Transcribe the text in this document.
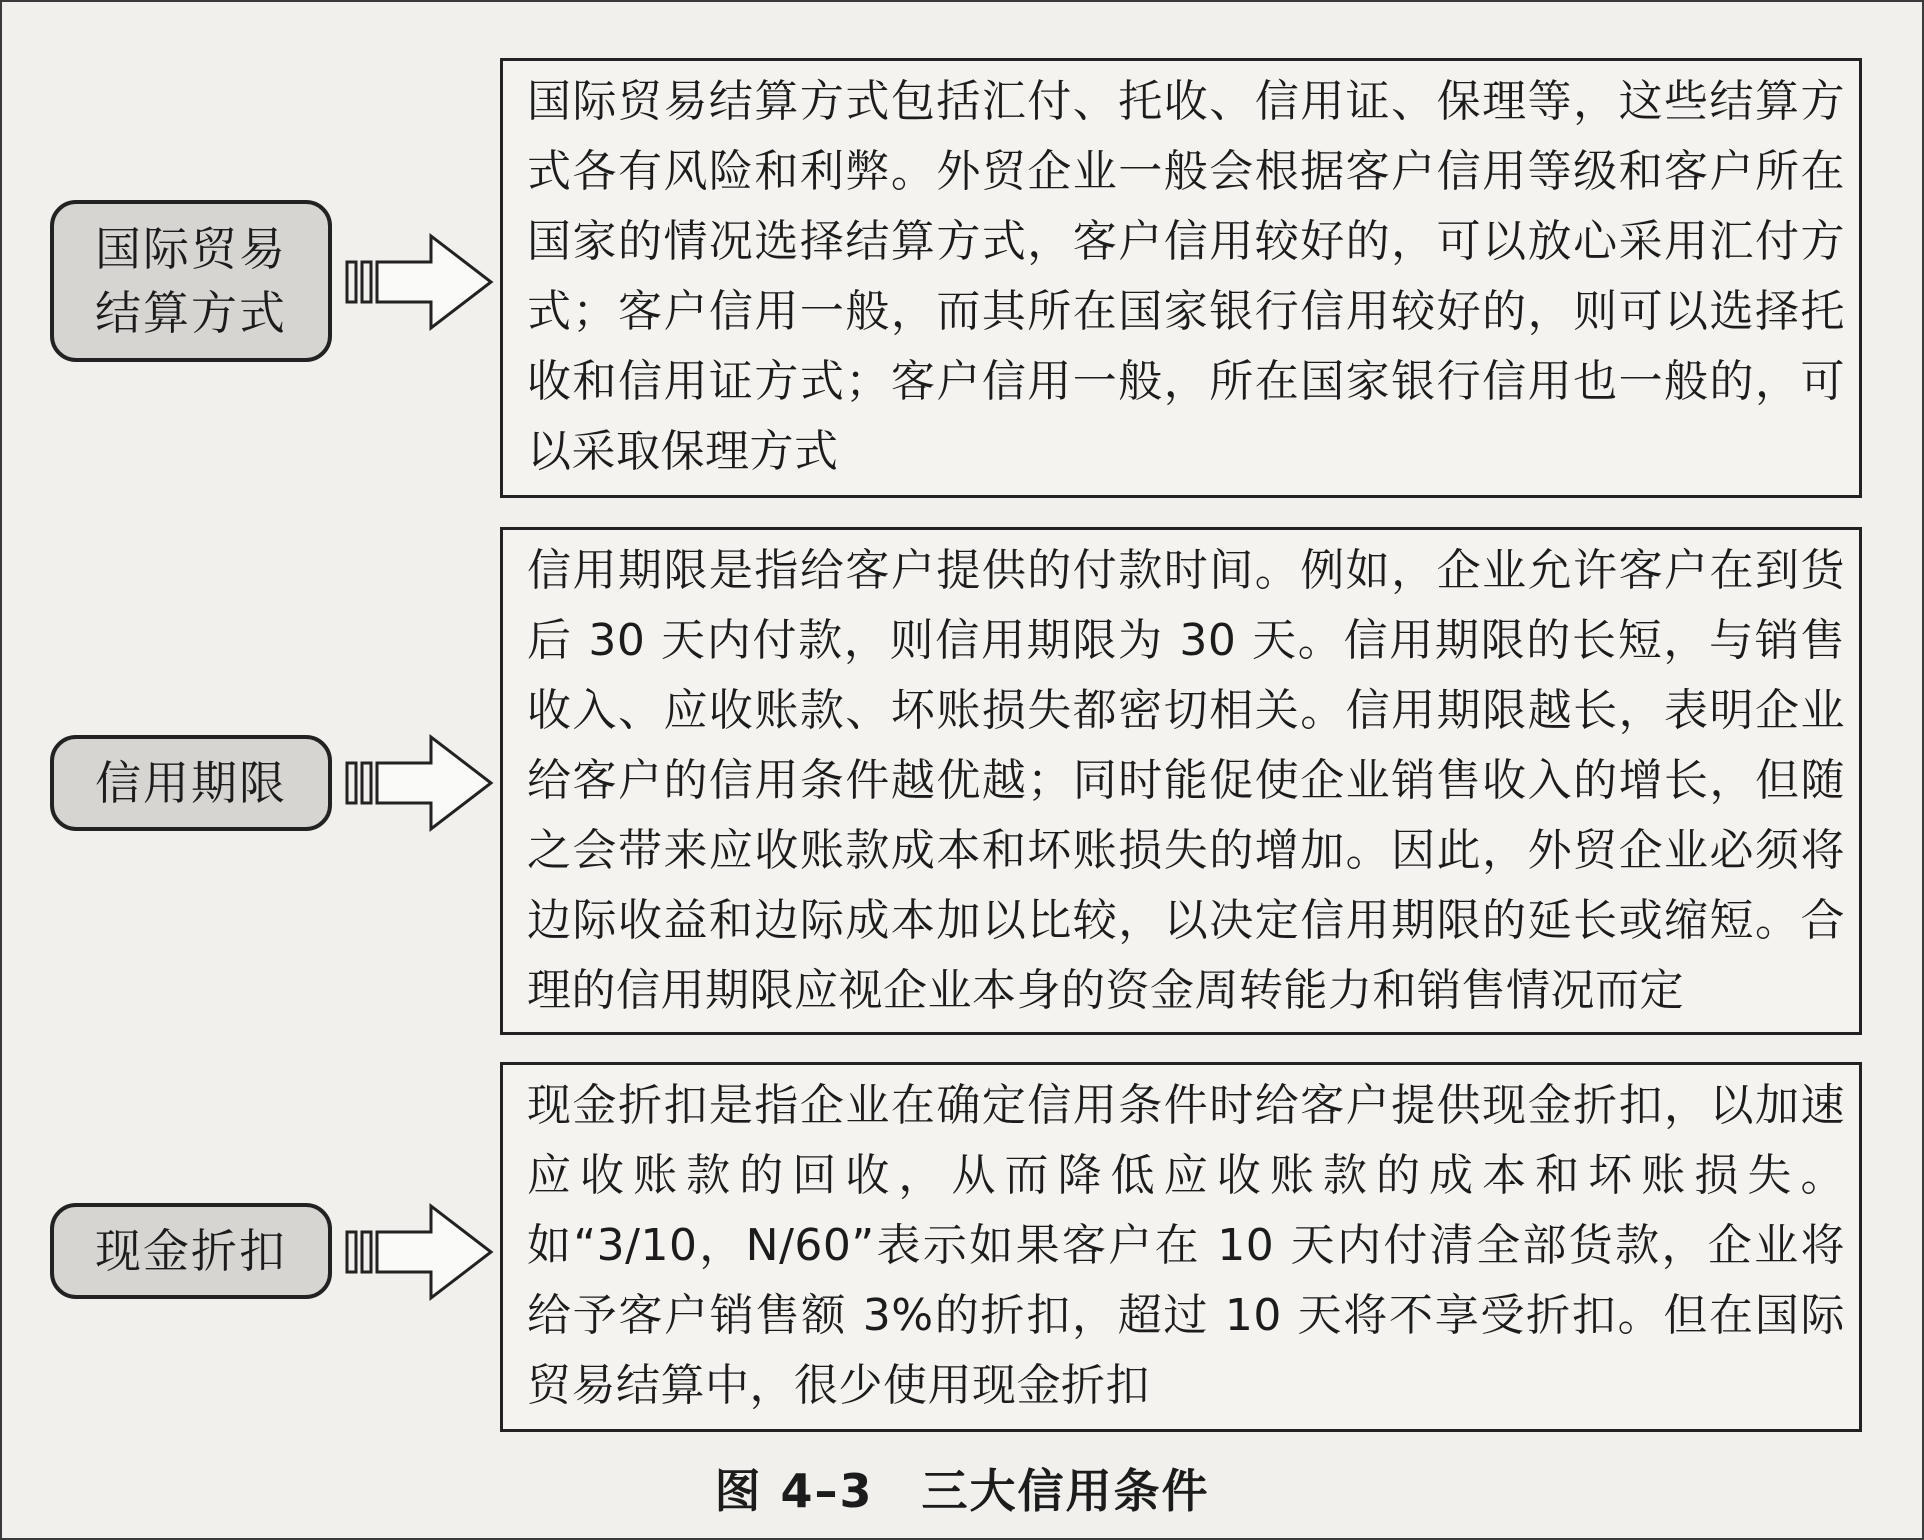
国际贸易
结算方式
国际贸易结算方式包括汇付、托收、信用证、保理等，这些结算方式各有风险和利弊。外贸企业一般会根据客户信用等级和客户所在国家的情况选择结算方式，客户信用较好的，可以放心采用汇付方式；客户信用一般，而其所在国家银行信用较好的，则可以选择托收和信用证方式；客户信用一般，所在国家银行信用也一般的，可以采取保理方式
信用期限
信用期限是指给客户提供的付款时间。例如，企业允许客户在到货后 30 天内付款，则信用期限为 30 天。信用期限的长短，与销售收入、应收账款、坏账损失都密切相关。信用期限越长，表明企业给客户的信用条件越优越；同时能促使企业销售收入的增长，但随之会带来应收账款成本和坏账损失的增加。因此，外贸企业必须将边际收益和边际成本加以比较，以决定信用期限的延长或缩短。合理的信用期限应视企业本身的资金周转能力和销售情况而定
现金折扣
现金折扣是指企业在确定信用条件时给客户提供现金折扣，以加速应收账款的回收，从而降低应收账款的成本和坏账损失。如“3/10，N/60”表示如果客户在 10 天内付清全部货款，企业将给予客户销售额 3%的折扣，超过 10 天将不享受折扣。但在国际贸易结算中，很少使用现金折扣
图 4–3 三大信用条件
